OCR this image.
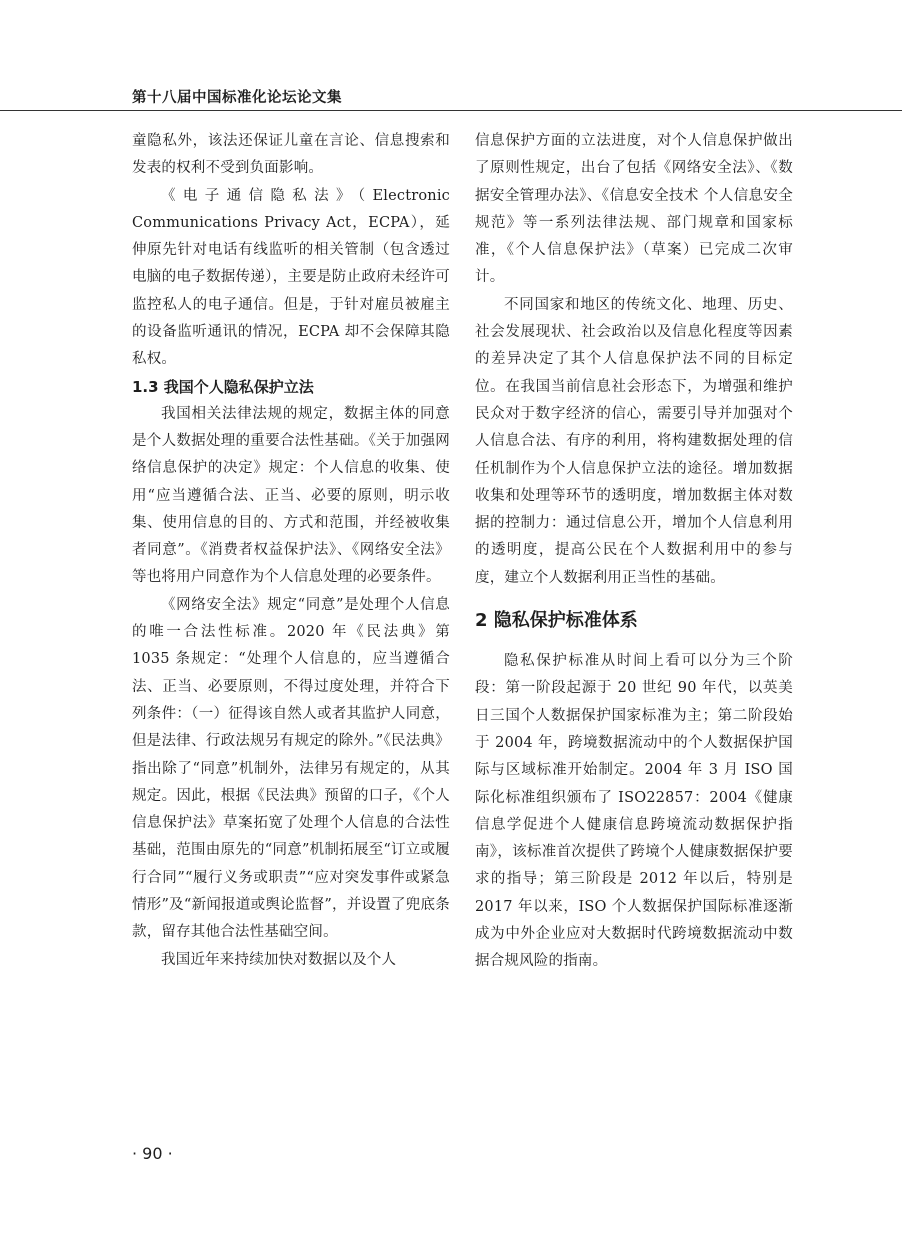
第十八届中国标准化论坛论文集

童隐私外，该法还保证儿童在言论、信息搜索和发表的权利不受到负面影响。

《电子通信隐私法》（Electronic Communications Privacy Act，ECPA），延伸原先针对电话有线监听的相关管制（包含透过电脑的电子数据传递），主要是防止政府未经许可监控私人的电子通信。但是，于针对雇员被雇主的设备监听通讯的情况，ECPA 却不会保障其隐私权。

1.3 我国个人隐私保护立法

我国相关法律法规的规定，数据主体的同意是个人数据处理的重要合法性基础。《关于加强网络信息保护的决定》规定：个人信息的收集、使用“应当遵循合法、正当、必要的原则，明示收集、使用信息的目的、方式和范围，并经被收集者同意”。《消费者权益保护法》、《网络安全法》等也将用户同意作为个人信息处理的必要条件。

《网络安全法》规定“同意”是处理个人信息的唯一合法性标准。2020 年《民法典》第 1035 条规定：“处理个人信息的，应当遵循合法、正当、必要原则，不得过度处理，并符合下列条件：（一）征得该自然人或者其监护人同意，但是法律、行政法规另有规定的除外。”《民法典》指出除了“同意”机制外，法律另有规定的，从其规定。因此，根据《民法典》预留的口子，《个人信息保护法》草案拓宽了处理个人信息的合法性基础，范围由原先的“同意”机制拓展至“订立或履行合同”“履行义务或职责”“应对突发事件或紧急情形”及“新闻报道或舆论监督”，并设置了兜底条款，留存其他合法性基础空间。

我国近年来持续加快对数据以及个人

信息保护方面的立法进度，对个人信息保护做出了原则性规定，出台了包括《网络安全法》、《数据安全管理办法》、《信息安全技术 个人信息安全规范》等一系列法律法规、部门规章和国家标准，《个人信息保护法》（草案）已完成二次审计。

不同国家和地区的传统文化、地理、历史、社会发展现状、社会政治以及信息化程度等因素的差异决定了其个人信息保护法不同的目标定位。在我国当前信息社会形态下，为增强和维护民众对于数字经济的信心，需要引导并加强对个人信息合法、有序的利用，将构建数据处理的信任机制作为个人信息保护立法的途径。增加数据收集和处理等环节的透明度，增加数据主体对数据的控制力：通过信息公开，增加个人信息利用的透明度，提高公民在个人数据利用中的参与度，建立个人数据利用正当性的基础。

2 隐私保护标准体系

隐私保护标准从时间上看可以分为三个阶段：第一阶段起源于 20 世纪 90 年代，以英美日三国个人数据保护国家标准为主；第二阶段始于 2004 年，跨境数据流动中的个人数据保护国际与区域标准开始制定。2004 年 3 月 ISO 国际化标准组织颁布了 ISO22857：2004《健康信息学促进个人健康信息跨境流动数据保护指南》，该标准首次提供了跨境个人健康数据保护要求的指导；第三阶段是 2012 年以后，特别是 2017 年以来，ISO 个人数据保护国际标准逐渐成为中外企业应对大数据时代跨境数据流动中数据合规风险的指南。

· 90 ·
